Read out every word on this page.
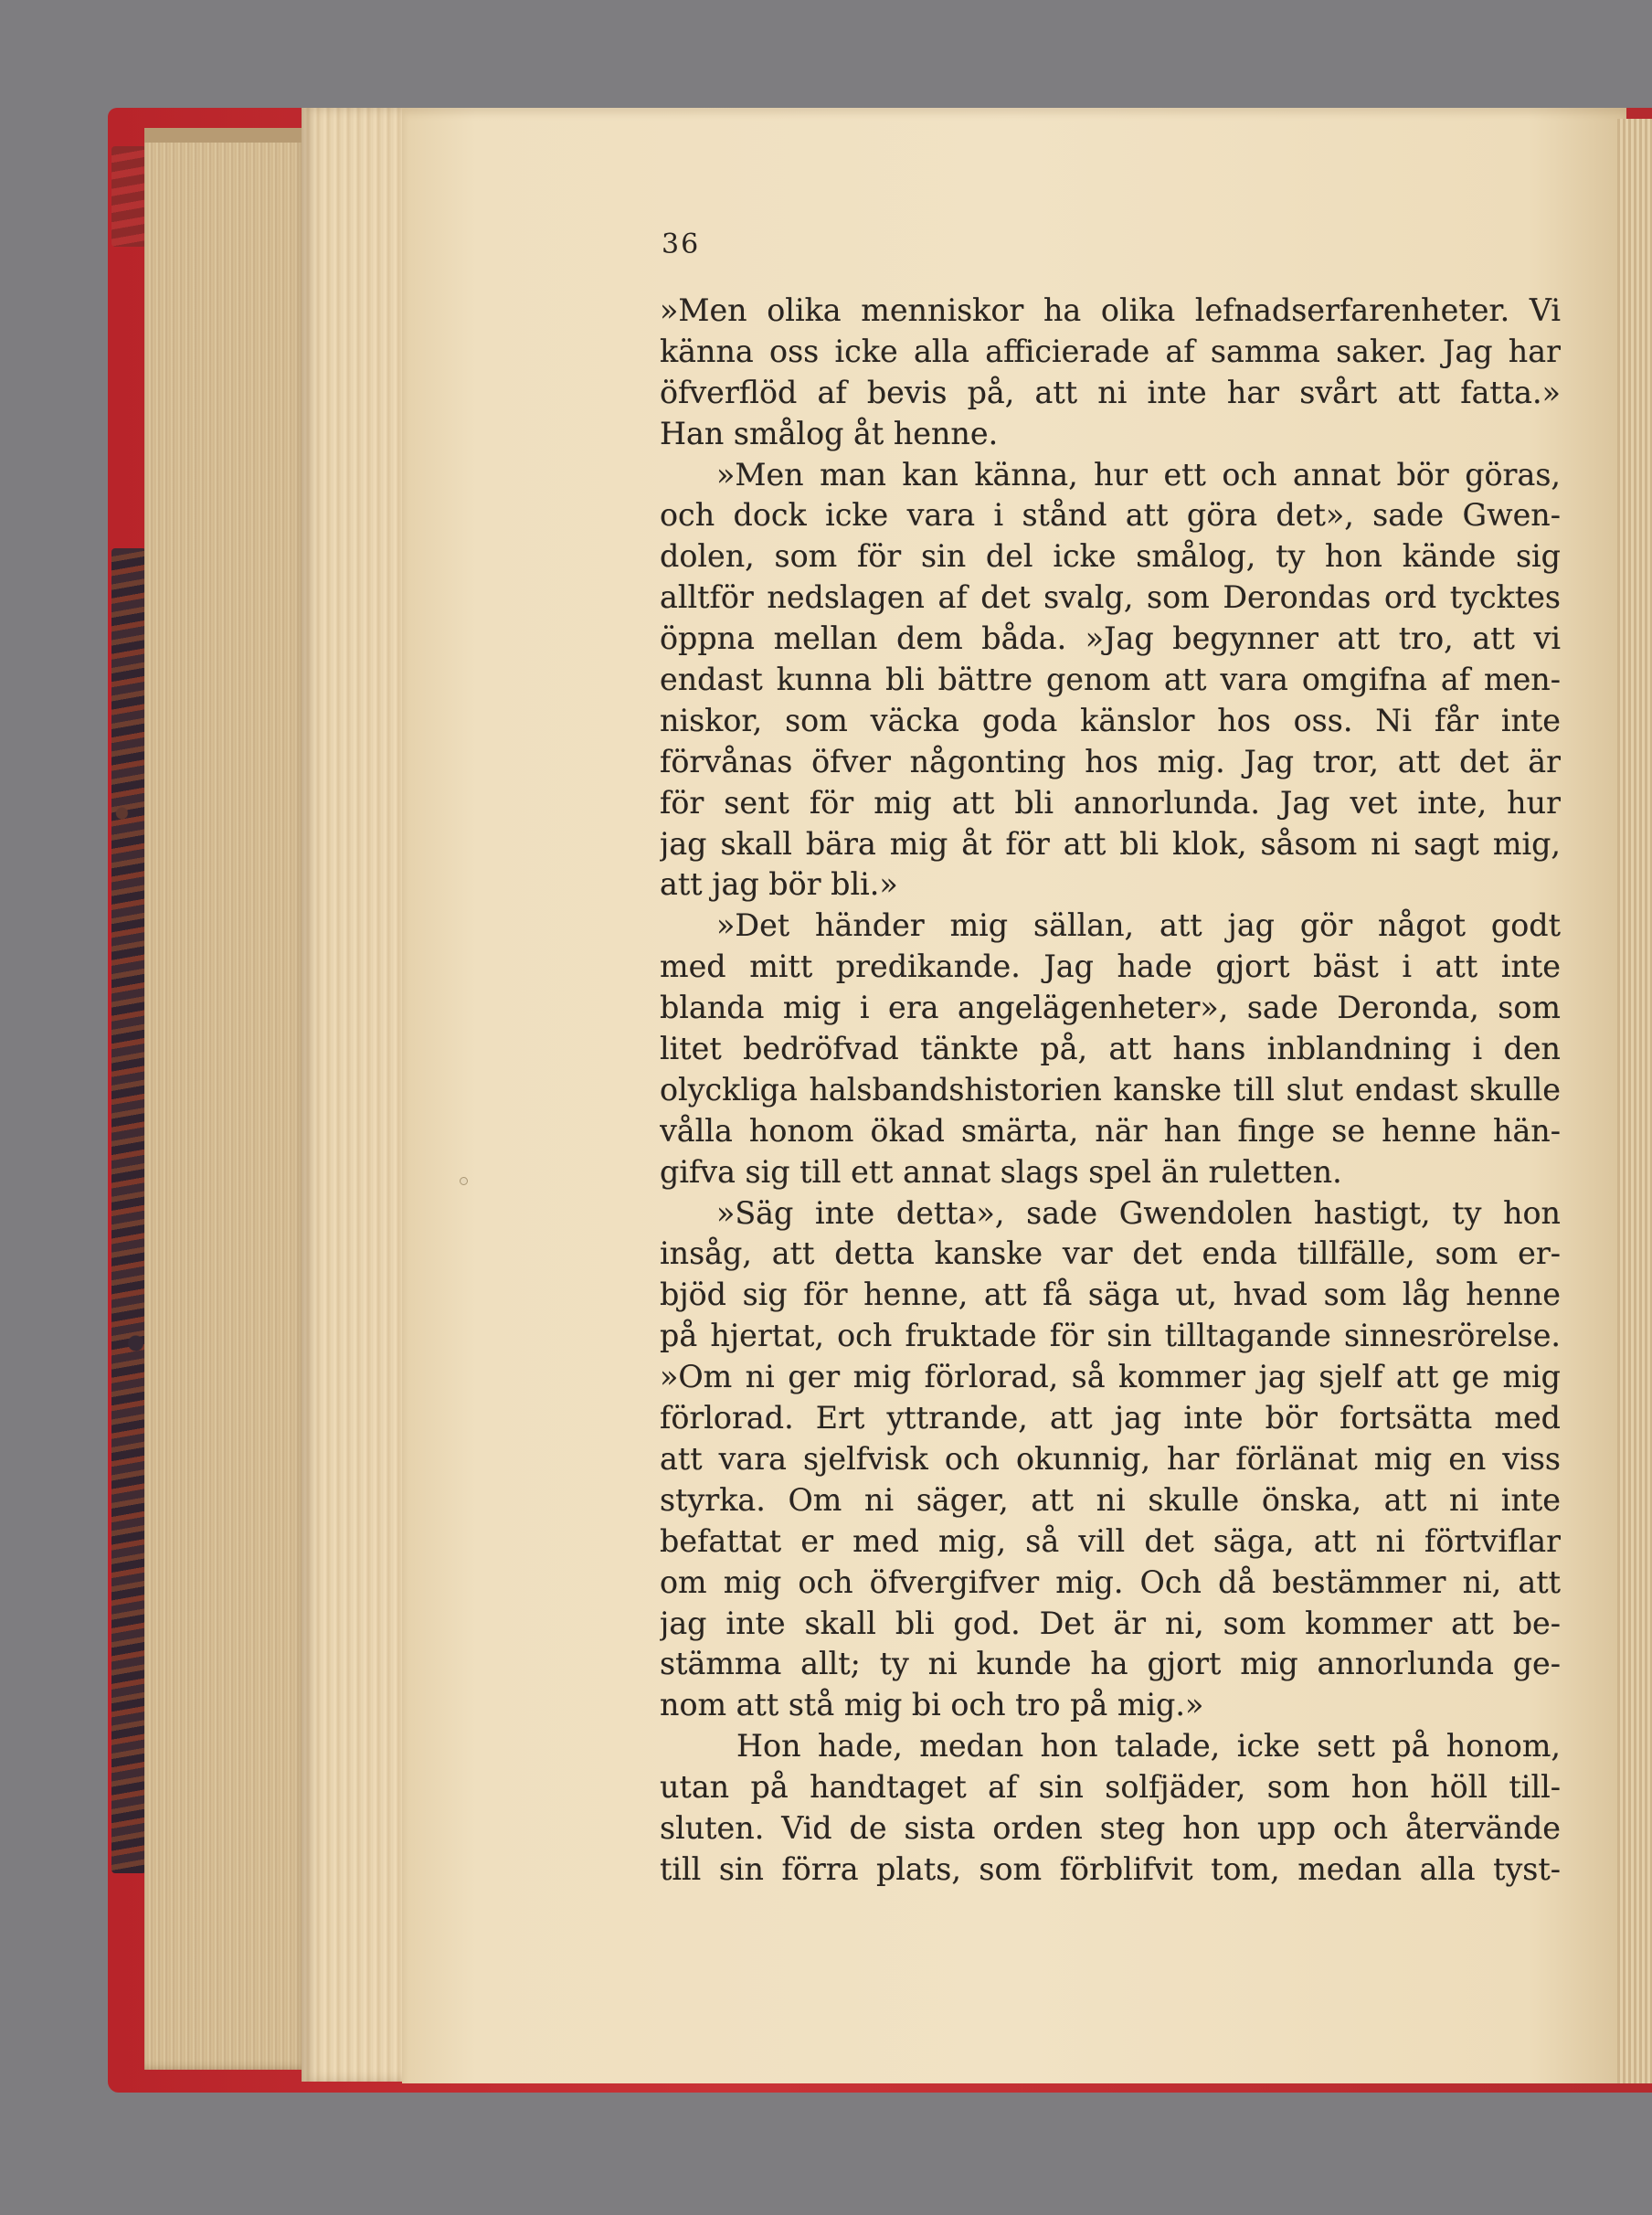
36
»Men olika menniskor ha olika lefnadserfarenheter. Vi
känna oss icke alla afficierade af samma saker. Jag har
öfverflöd af bevis på, att ni inte har svårt att fatta.»
Han smålog åt henne.
»Men man kan känna, hur ett och annat bör göras,
och dock icke vara i stånd att göra det», sade Gwen-
dolen, som för sin del icke smålog, ty hon kände sig
alltför nedslagen af det svalg, som Derondas ord tycktes
öppna mellan dem båda. »Jag begynner att tro, att vi
endast kunna bli bättre genom att vara omgifna af men-
niskor, som väcka goda känslor hos oss. Ni får inte
förvånas öfver någonting hos mig. Jag tror, att det är
för sent för mig att bli annorlunda. Jag vet inte, hur
jag skall bära mig åt för att bli klok, såsom ni sagt mig,
att jag bör bli.»
»Det händer mig sällan, att jag gör något godt
med mitt predikande. Jag hade gjort bäst i att inte
blanda mig i era angelägenheter», sade Deronda, som
litet bedröfvad tänkte på, att hans inblandning i den
olyckliga halsbandshistorien kanske till slut endast skulle
vålla honom ökad smärta, när han finge se henne hän-
gifva sig till ett annat slags spel än ruletten.
»Säg inte detta», sade Gwendolen hastigt, ty hon
insåg, att detta kanske var det enda tillfälle, som er-
bjöd sig för henne, att få säga ut, hvad som låg henne
på hjertat, och fruktade för sin tilltagande sinnesrörelse.
»Om ni ger mig förlorad, så kommer jag sjelf att ge mig
förlorad. Ert yttrande, att jag inte bör fortsätta med
att vara sjelfvisk och okunnig, har förlänat mig en viss
styrka. Om ni säger, att ni skulle önska, att ni inte
befattat er med mig, så vill det säga, att ni förtviflar
om mig och öfvergifver mig. Och då bestämmer ni, att
jag inte skall bli god. Det är ni, som kommer att be-
stämma allt; ty ni kunde ha gjort mig annorlunda ge-
nom att stå mig bi och tro på mig.»
Hon hade, medan hon talade, icke sett på honom,
utan på handtaget af sin solfjäder, som hon höll till-
sluten. Vid de sista orden steg hon upp och återvände
till sin förra plats, som förblifvit tom, medan alla tyst-
